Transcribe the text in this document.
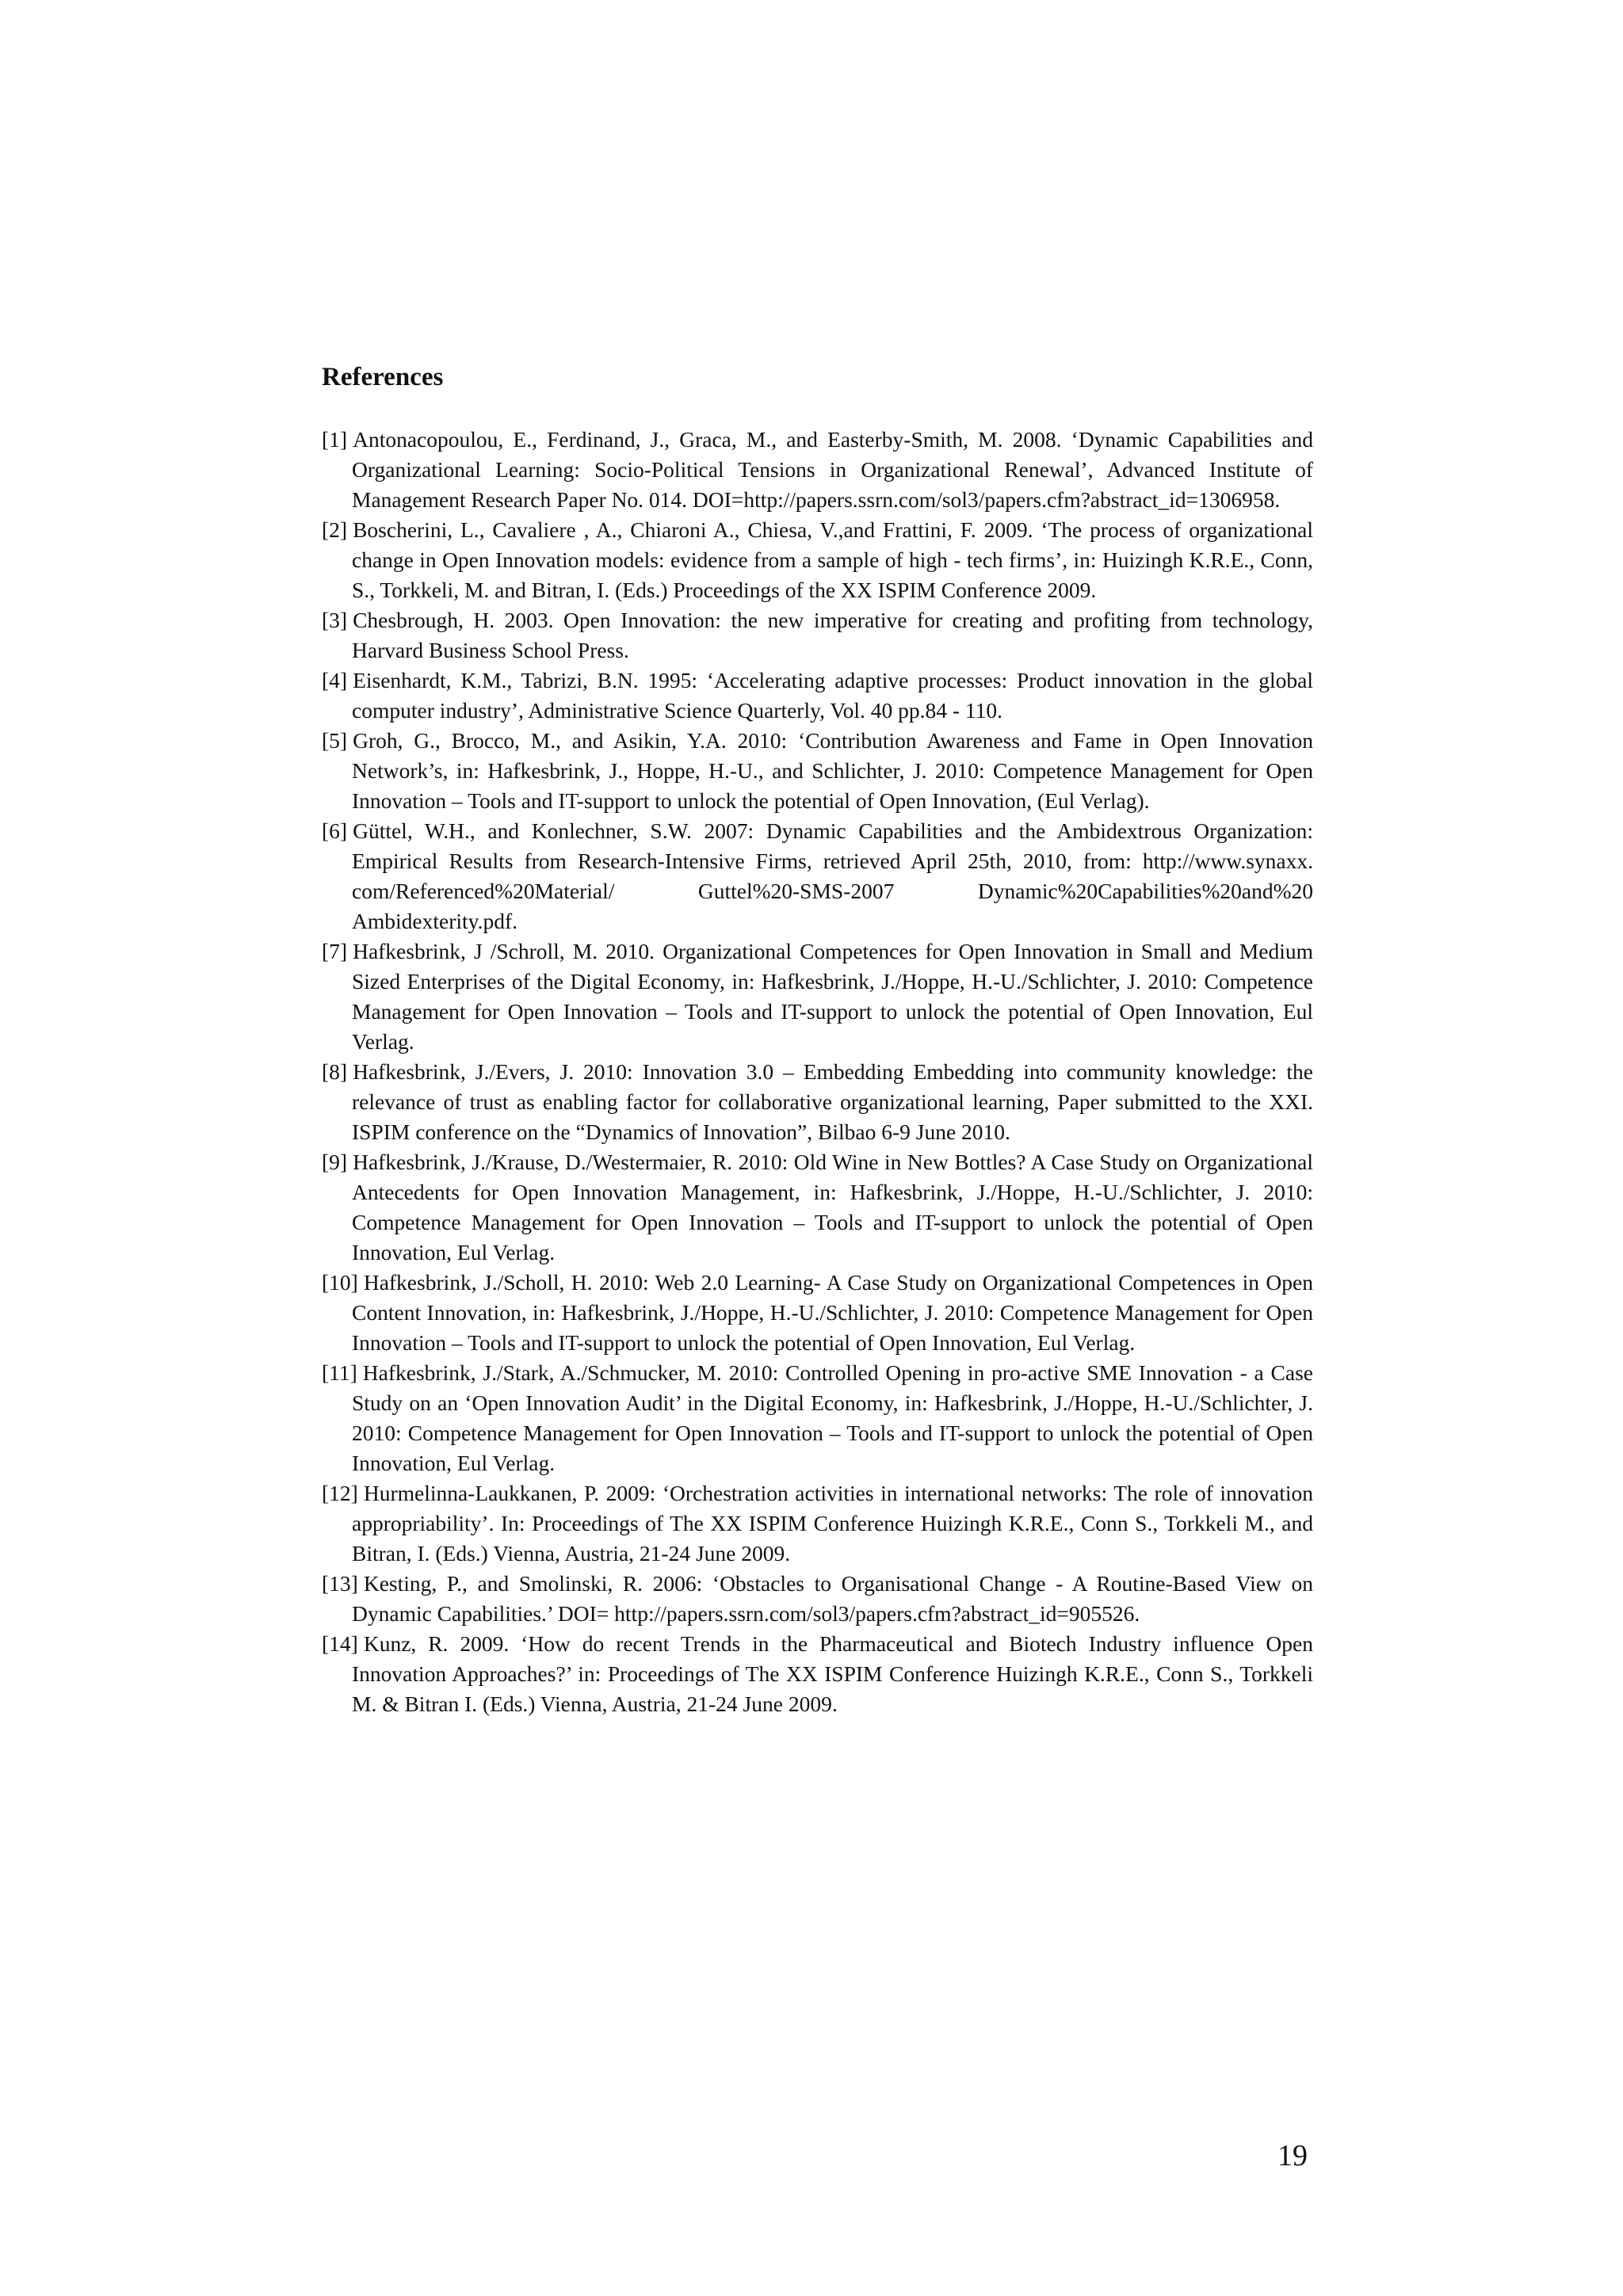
References
[1] Antonacopoulou, E., Ferdinand, J., Graca, M., and Easterby-Smith, M. 2008. ‘Dynamic Capabilities and Organizational Learning: Socio-Political Tensions in Organizational Renewal’, Advanced Institute of Management Research Paper No. 014. DOI=http://papers.ssrn.com/sol3/papers.cfm?abstract_id=1306958.
[2] Boscherini, L., Cavaliere , A., Chiaroni A., Chiesa, V.,and Frattini, F. 2009. ‘The process of organizational change in Open Innovation models: evidence from a sample of high - tech firms’, in: Huizingh K.R.E., Conn, S., Torkkeli, M. and Bitran, I. (Eds.) Proceedings of the XX ISPIM Conference 2009.
[3] Chesbrough, H. 2003. Open Innovation: the new imperative for creating and profiting from technology, Harvard Business School Press.
[4] Eisenhardt, K.M., Tabrizi, B.N. 1995: ‘Accelerating adaptive processes: Product innovation in the global computer industry’, Administrative Science Quarterly, Vol. 40 pp.84 - 110.
[5] Groh, G., Brocco, M., and Asikin, Y.A. 2010: ‘Contribution Awareness and Fame in Open Innovation Network’s, in: Hafkesbrink, J., Hoppe, H.-U., and Schlichter, J. 2010: Competence Management for Open Innovation – Tools and IT-support to unlock the potential of Open Innovation, (Eul Verlag).
[6] Güttel, W.H., and Konlechner, S.W. 2007: Dynamic Capabilities and the Ambidextrous Organization: Empirical Results from Research-Intensive Firms, retrieved April 25th, 2010, from: http://www.synaxx. com/Referenced%20Material/ Guttel%20-SMS-2007 Dynamic%20Capabilities%20and%20 Ambidexterity.pdf.
[7] Hafkesbrink, J /Schroll, M. 2010. Organizational Competences for Open Innovation in Small and Medium Sized Enterprises of the Digital Economy, in: Hafkesbrink, J./Hoppe, H.-U./Schlichter, J. 2010: Competence Management for Open Innovation – Tools and IT-support to unlock the potential of Open Innovation, Eul Verlag.
[8] Hafkesbrink, J./Evers, J. 2010: Innovation 3.0 – Embedding Embedding into community knowledge: the relevance of trust as enabling factor for collaborative organizational learning, Paper submitted to the XXI. ISPIM conference on the “Dynamics of Innovation”, Bilbao 6-9 June 2010.
[9] Hafkesbrink, J./Krause, D./Westermaier, R. 2010: Old Wine in New Bottles? A Case Study on Organizational Antecedents for Open Innovation Management, in: Hafkesbrink, J./Hoppe, H.-U./Schlichter, J. 2010: Competence Management for Open Innovation – Tools and IT-support to unlock the potential of Open Innovation, Eul Verlag.
[10] Hafkesbrink, J./Scholl, H. 2010: Web 2.0 Learning- A Case Study on Organizational Competences in Open Content Innovation, in: Hafkesbrink, J./Hoppe, H.-U./Schlichter, J. 2010: Competence Management for Open Innovation – Tools and IT-support to unlock the potential of Open Innovation, Eul Verlag.
[11] Hafkesbrink, J./Stark, A./Schmucker, M. 2010: Controlled Opening in pro-active SME Innovation - a Case Study on an ‘Open Innovation Audit’ in the Digital Economy, in: Hafkesbrink, J./Hoppe, H.-U./Schlichter, J. 2010: Competence Management for Open Innovation – Tools and IT-support to unlock the potential of Open Innovation, Eul Verlag.
[12] Hurmelinna-Laukkanen, P. 2009: ‘Orchestration activities in international networks: The role of innovation appropriability’. In: Proceedings of The XX ISPIM Conference Huizingh K.R.E., Conn S., Torkkeli M., and Bitran, I. (Eds.) Vienna, Austria, 21-24 June 2009.
[13] Kesting, P., and Smolinski, R. 2006: ‘Obstacles to Organisational Change - A Routine-Based View on Dynamic Capabilities.’ DOI= http://papers.ssrn.com/sol3/papers.cfm?abstract_id=905526.
[14] Kunz, R. 2009. ‘How do recent Trends in the Pharmaceutical and Biotech Industry influence Open Innovation Approaches?’ in: Proceedings of The XX ISPIM Conference Huizingh K.R.E., Conn S., Torkkeli M. & Bitran I. (Eds.) Vienna, Austria, 21-24 June 2009.
19
